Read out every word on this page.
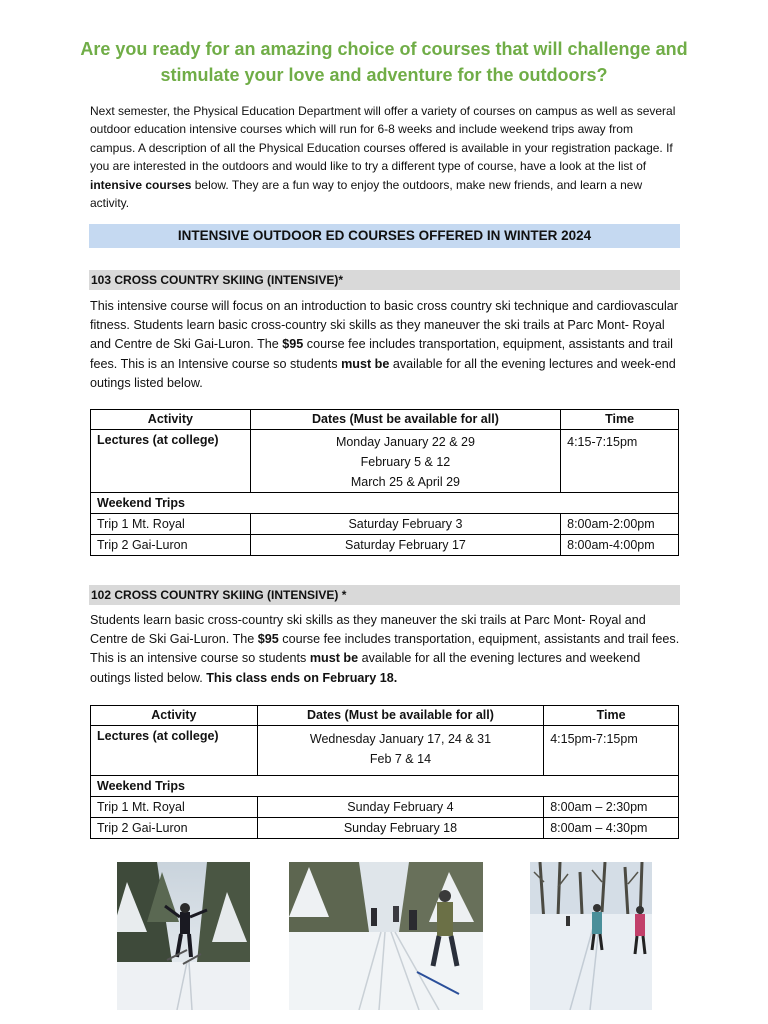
Are you ready for an amazing choice of courses that will challenge and stimulate your love and adventure for the outdoors?
Next semester, the Physical Education Department will offer a variety of courses on campus as well as several outdoor education intensive courses which will run for 6-8 weeks and include weekend trips away from campus. A description of all the Physical Education courses offered is available in your registration package. If you are interested in the outdoors and would like to try a different type of course, have a look at the list of intensive courses below. They are a fun way to enjoy the outdoors, make new friends, and learn a new activity.
INTENSIVE OUTDOOR ED COURSES OFFERED IN WINTER 2024
103 CROSS COUNTRY SKIING (INTENSIVE)*
This intensive course will focus on an introduction to basic cross country ski technique and cardiovascular fitness. Students learn basic cross-country ski skills as they maneuver the ski trails at Parc Mont- Royal and Centre de Ski Gai-Luron. The $95 course fee includes transportation, equipment, assistants and trail fees. This is an Intensive course so students must be available for all the evening lectures and week-end outings listed below.
Activity	Dates (Must be available for all)	Time
Lectures (at college)	Monday January 22 & 29
February 5 & 12
March 25 & April 29	4:15-7:15pm
Weekend Trips		
Trip 1 Mt. Royal	Saturday February 3	8:00am-2:00pm
Trip 2 Gai-Luron	Saturday February 17	8:00am-4:00pm
102 CROSS COUNTRY SKIING (INTENSIVE) *
Students learn basic cross-country ski skills as they maneuver the ski trails at Parc Mont- Royal and Centre de Ski Gai-Luron. The $95 course fee includes transportation, equipment, assistants and trail fees. This is an intensive course so students must be available for all the evening lectures and weekend outings listed below. This class ends on February 18.
Activity	Dates (Must be available for all)	Time
Lectures (at college)	Wednesday January 17, 24 & 31
Feb 7 & 14	4:15pm-7:15pm
Weekend Trips		
Trip 1 Mt. Royal	Sunday February 4	8:00am – 2:30pm
Trip 2 Gai-Luron	Sunday February 18	8:00am – 4:30pm
